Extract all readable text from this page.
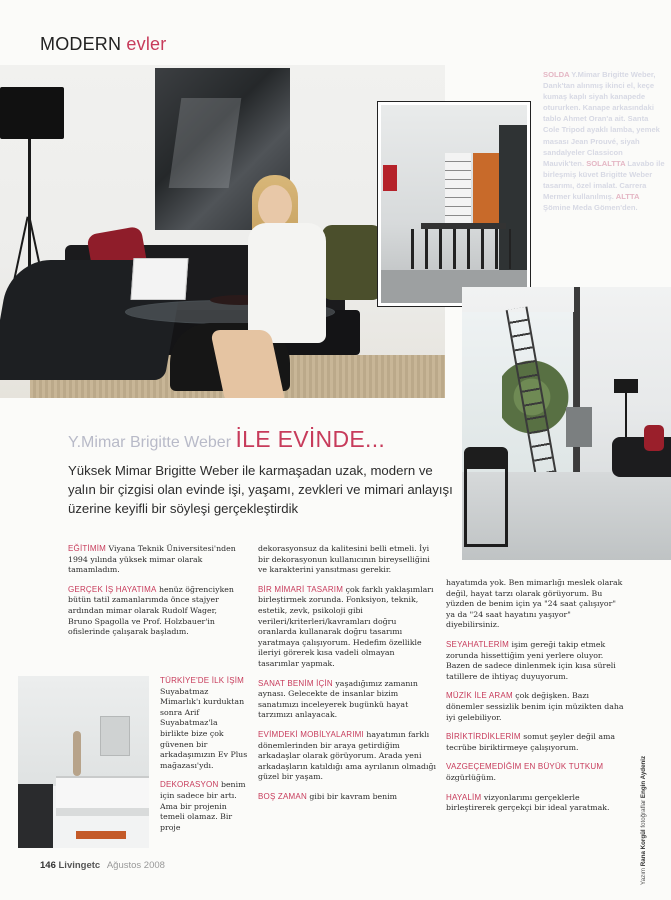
MODERN evler
SOLDA Y.Mimar Brigitte Weber, Dank'tan alınmış ikinci el, keçe kumaş kaplı siyah kanapede otururken. Kanape arkasındaki tablo Ahmet Oran'a ait. Santa Cole Tripod ayaklı lamba, yemek masası Jean Prouvé, siyah sandalyeler Classicon Mauvik'ten. SOLALTTA Lavabo ile birleşmiş küvet Brigitte Weber tasarımı, özel imalat. Carrera Mermer kullanılmış. ALTTA Şömine Meda Gömen'den.
Y.Mimar Brigitte Weber İLE EVİNDE...
Yüksek Mimar Brigitte Weber ile karmaşadan uzak, modern ve yalın bir çizgisi olan evinde işi, yaşamı, zevkleri ve mimari anlayışı üzerine keyifli bir söyleşi gerçekleştirdik

EĞİTİMİM Viyana Teknik Üniversitesi'nden 1994 yılında yüksek mimar olarak tamamladım.

GERÇEK İŞ HAYATIMA henüz öğrenciyken bütün tatil zamanlarımda önce stajyer ardından mimar olarak Rudolf Wager, Bruno Spagolla ve Prof. Holzbauer'in ofislerinde çalışarak başladım.

TÜRKİYE'DE İLK İŞİM Suyabatmaz Mimarlık'ı kurduktan sonra Arif Suyabatmaz'la birlikte bize çok güvenen bir arkadaşımızın Ev Plus mağazası'ydı.

DEKORASYON benim için sadece bir artı. Ama bir projenin temeli olamaz. Bir proje

dekorasyonsuz da kalitesini belli etmeli. İyi bir dekorasyonun kullanıcının bireyselliğini ve karakterini yansıtması gerekir.

BİR MİMARİ TASARIM çok farklı yaklaşımları birleştirmek zorunda. Fonksiyon, teknik, estetik, zevk, psikoloji gibi verileri/kriterleri/kavramları doğru oranlarda kullanarak doğru tasarımı yaratmaya çalışıyorum. Hedefim özellikle ileriyi görerek kısa vadeli olmayan tasarımlar yapmak.

SANAT BENİM İÇİN yaşadığımız zamanın aynası. Gelecekte de insanlar bizim sanatımızı inceleyerek bugünkü hayat tarzımızı anlayacak.

EVİMDEKİ MOBİLYALARIMI hayatımın farklı dönemlerinden bir araya getirdiğim arkadaşlar olarak görüyorum. Arada yeni arkadaşların katıldığı ama ayrılanın olmadığı güzel bir yaşam.

BOŞ ZAMAN gibi bir kavram benim

hayatımda yok. Ben mimarlığı meslek olarak değil, hayat tarzı olarak görüyorum. Bu yüzden de benim için ya "24 saat çalışıyor" ya da "24 saat hayatını yaşıyor" diyebilirsiniz.

SEYAHATLERİM işim gereği takip etmek zorunda hissettiğim yeni yerlere oluyor. Bazen de sadece dinlenmek için kısa süreli tatillere de ihtiyaç duyuyorum.

MÜZİK İLE ARAM çok değişken. Bazı dönemler sessizlik benim için müzikten daha iyi gelebiliyor.

BİRİKTİRDİKLERİM somut şeyler değil ama tecrübe biriktirmeye çalışıyorum.

VAZGEÇEMEDİĞİM EN BÜYÜK TUTKUM özgürlüğüm.

HAYALİM vizyonlarımı gerçeklerle birleştirerek gerçekçi bir ideal yaratmak.

Yazım Rana Korgül fotoğraflar Engin Aydeniz
146 Livingetc Ağustos 2008
